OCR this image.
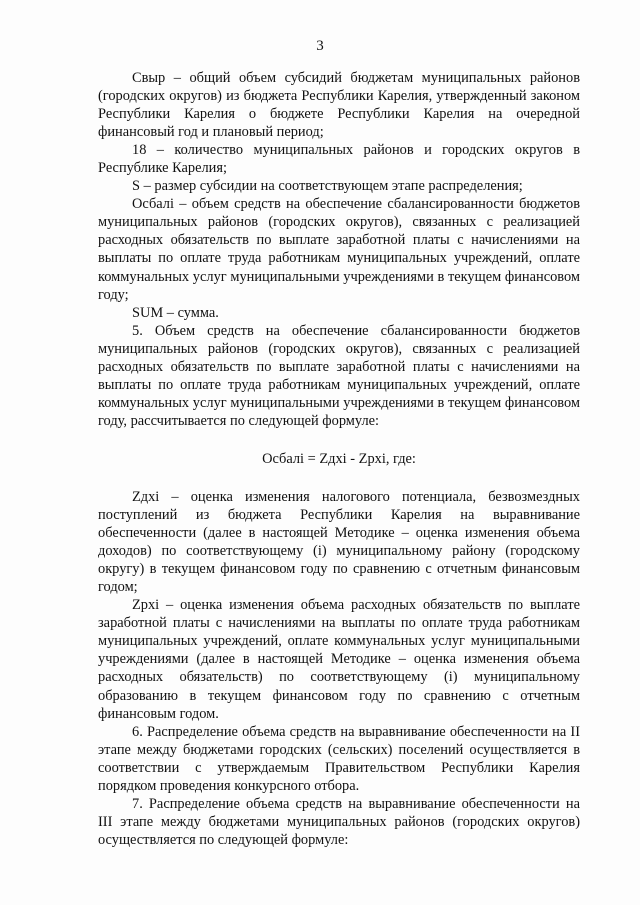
3

Свыр – общий объем субсидий бюджетам муниципальных районов (городских округов) из бюджета Республики Карелия, утвержденный законом Республики Карелия о бюджете Республики Карелия на очередной финансовый год и плановый период;

18 – количество муниципальных районов и городских округов в Республике Карелия;

S – размер субсидии на соответствующем этапе распределения;

Осбалi – объем средств на обеспечение сбалансированности бюджетов муниципальных районов (городских округов), связанных с реализацией расходных обязательств по выплате заработной платы с начислениями на выплаты по оплате труда работникам муниципальных учреждений, оплате коммунальных услуг муниципальными учреждениями в текущем финансовом году;

SUM – сумма.

5. Объем средств на обеспечение сбалансированности бюджетов муниципальных районов (городских округов), связанных с реализацией расходных обязательств по выплате заработной платы с начислениями на выплаты по оплате труда работникам муниципальных учреждений, оплате коммунальных услуг муниципальными учреждениями в текущем финансовом году, рассчитывается по следующей формуле:

Осбалi = Zдxi - Zрxi, где:

Zдxi – оценка изменения налогового потенциала, безвозмездных поступлений из бюджета Республики Карелия на выравнивание обеспеченности (далее в настоящей Методике – оценка изменения объема доходов) по соответствующему (i) муниципальному району (городскому округу) в текущем финансовом году по сравнению с отчетным финансовым годом;

Zрxi – оценка изменения объема расходных обязательств по выплате заработной платы с начислениями на выплаты по оплате труда работникам муниципальных учреждений, оплате коммунальных услуг муниципальными учреждениями (далее в настоящей Методике – оценка изменения объема расходных обязательств) по соответствующему (i) муниципальному образованию в текущем финансовом году по сравнению с отчетным финансовым годом.

6. Распределение объема средств на выравнивание обеспеченности на II этапе между бюджетами городских (сельских) поселений осуществляется в соответствии с утверждаемым Правительством Республики Карелия порядком проведения конкурсного отбора.

7. Распределение объема средств на выравнивание обеспеченности на III этапе между бюджетами муниципальных районов (городских округов) осуществляется по следующей формуле:
